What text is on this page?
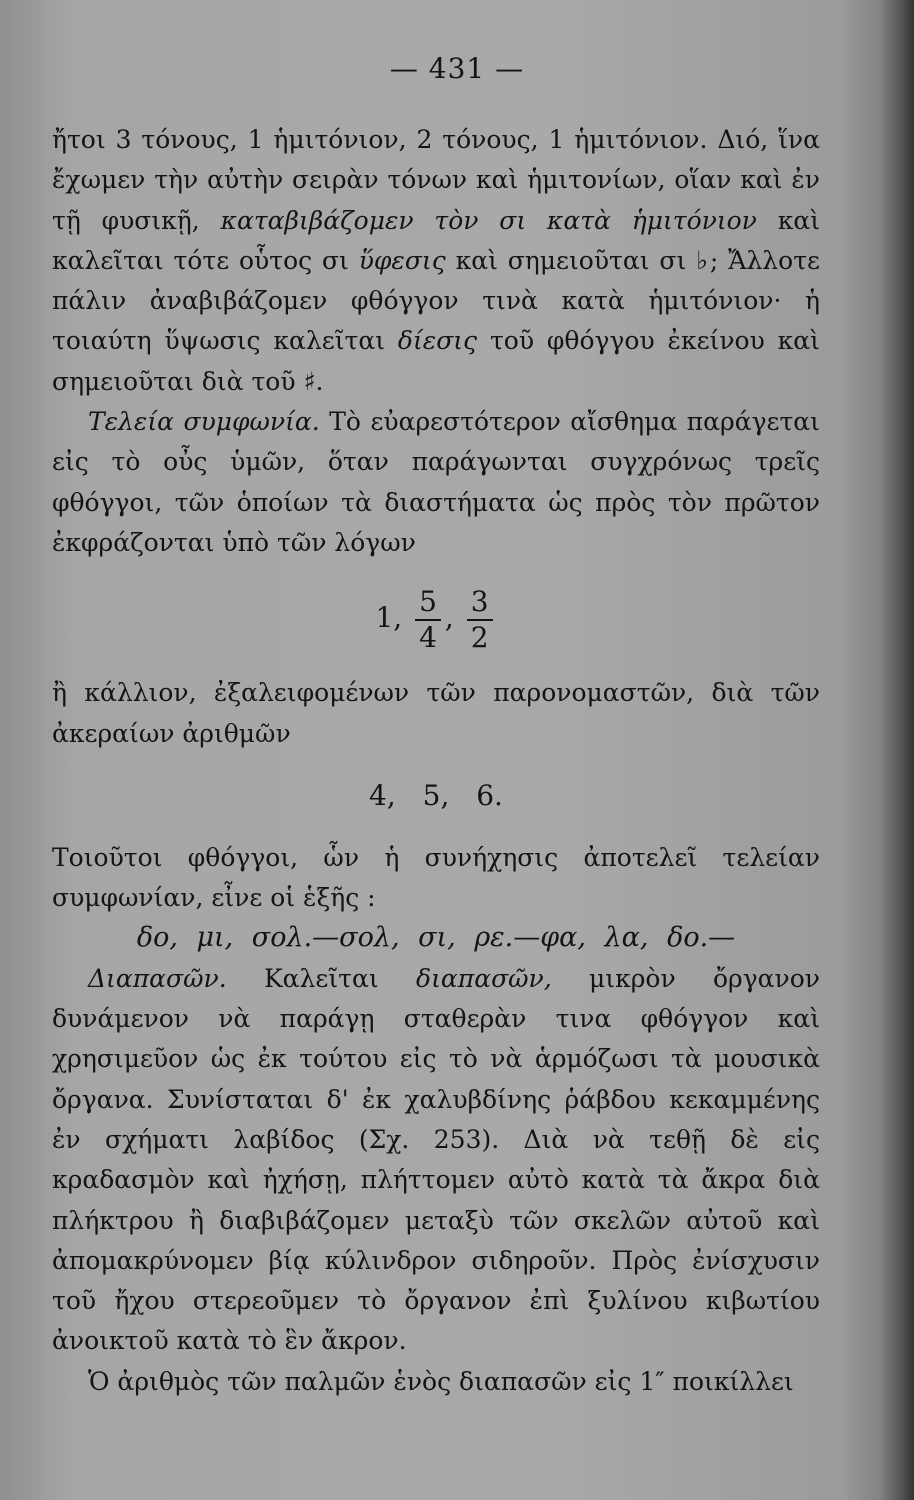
— 431 —

ἤτοι 3 τόνους, 1 ἡμιτόνιον, 2 τόνους, 1 ἡμιτόνιον. Διό, ἵνα ἔχωμεν τὴν αὐτὴν σειρὰν τόνων καὶ ἡμιτονίων, οἵαν καὶ ἐν τῇ φυσικῇ, καταβιβάζομεν τὸν σι κατὰ ἡμιτόνιον καὶ καλεῖται τότε οὗτος σι ὕφεσις καὶ σημειοῦται σι ♭; Ἄλλοτε πάλιν ἀναβιβάζομεν φθόγγον τινὰ κατὰ ἡμιτόνιον· ἡ τοιαύτη ὕψωσις καλεῖται δίεσις τοῦ φθόγγου ἐκείνου καὶ σημειοῦται διὰ τοῦ ♯.

Τελεία συμφωνία. Τὸ εὐαρεστότερον αἴσθημα παράγεται εἰς τὸ οὖς ὑμῶν, ὅταν παράγωνται συγχρόνως τρεῖς φθόγγοι, τῶν ὁποίων τὰ διαστήματα ὡς πρὸς τὸν πρῶτον ἐκφράζονται ὑπὸ τῶν λόγων

1, $\frac{5}{4}$ , $\frac{3}{2}$

ἢ κάλλιον, ἐξαλειφομένων τῶν παρονομαστῶν, διὰ τῶν ἀκεραίων ἀριθμῶν

4, 5, 6.

Τοιοῦτοι φθόγγοι, ὧν ἡ συνήχησις ἀποτελεῖ τελείαν συμφωνίαν, εἶνε οἱ ἑξῆς :

δο, μι, σολ.—σολ, σι, ρε.—φα, λα, δο.—

Διαπασῶν. Καλεῖται διαπασῶν, μικρὸν ὄργανον δυνάμενον νὰ παράγῃ σταθερὰν τινα φθόγγον καὶ χρησιμεῦον ὡς ἐκ τούτου εἰς τὸ νὰ ἁρμόζωσι τὰ μουσικὰ ὄργανα. Συνίσταται δ' ἐκ χαλυβδίνης ῥάβδου κεκαμμένης ἐν σχήματι λαβίδος (Σχ. 253). Διὰ νὰ τεθῇ δὲ εἰς κραδασμὸν καὶ ἠχήσῃ, πλήττομεν αὐτὸ κατὰ τὰ ἄκρα διὰ πλήκτρου ἢ διαβιβάζομεν μεταξὺ τῶν σκελῶν αὐτοῦ καὶ ἀπομακρύνομεν βίᾳ κύλινδρον σιδηροῦν. Πρὸς ἐνίσχυσιν τοῦ ἤχου στερεοῦμεν τὸ ὄργανον ἐπὶ ξυλίνου κιβωτίου ἀνοικτοῦ κατὰ τὸ ἓν ἄκρον.

Ὁ ἀριθμὸς τῶν παλμῶν ἑνὸς διαπασῶν εἰς 1″ ποικίλλει
